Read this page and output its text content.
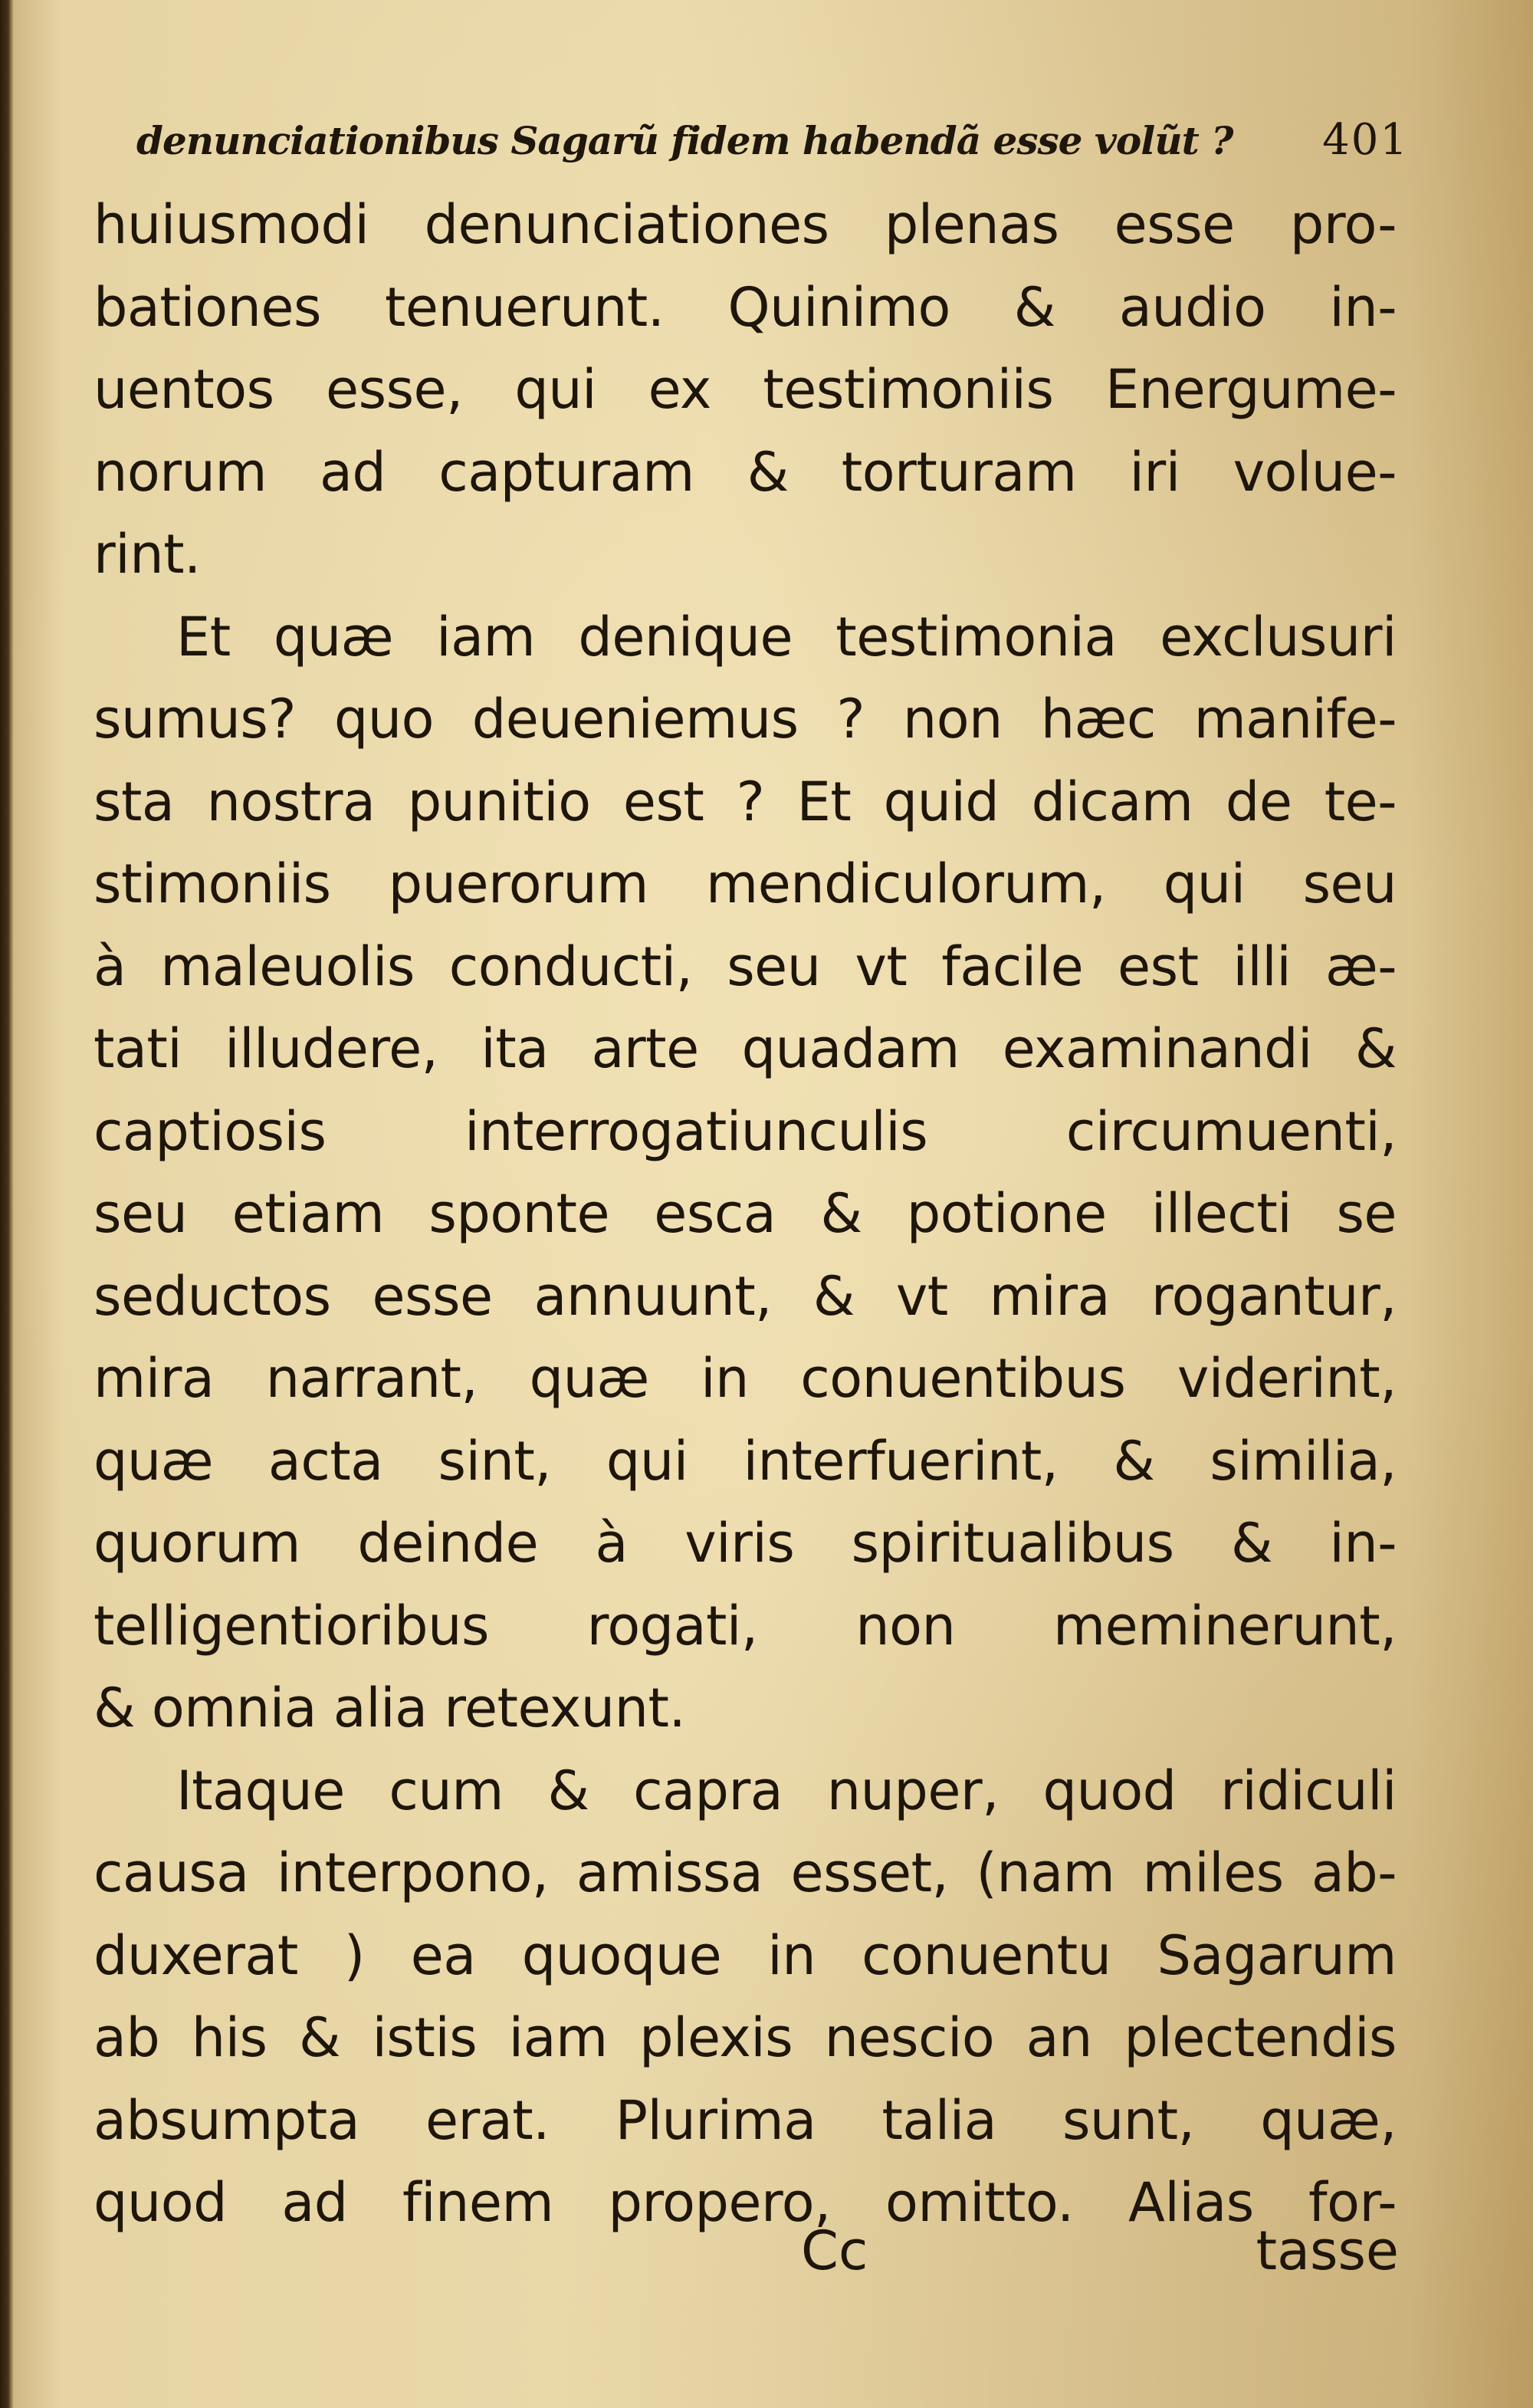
denunciationibus Sagarũ fidem habendã esse volũt ? 401
huiusmodi denunciationes plenas esse pro-
bationes tenuerunt. Quinimo & audio in-
uentos esse, qui ex testimoniis Energume-
norum ad capturam & torturam iri volue-
rint.
Et quæ iam denique testimonia exclusuri
sumus? quo deueniemus ? non hæc manife-
sta nostra punitio est ? Et quid dicam de te-
stimoniis puerorum mendiculorum, qui seu
à maleuolis conducti, seu vt facile est illi æ-
tati illudere, ita arte quadam examinandi &
captiosis interrogatiunculis circumuenti,
seu etiam sponte esca & potione illecti se
seductos esse annuunt, & vt mira rogantur,
mira narrant, quæ in conuentibus viderint,
quæ acta sint, qui interfuerint, & similia,
quorum deinde à viris spiritualibus & in-
telligentioribus rogati, non meminerunt,
& omnia alia retexunt.
Itaque cum & capra nuper, quod ridiculi
causa interpono, amissa esset, (nam miles ab-
duxerat ) ea quoque in conuentu Sagarum
ab his & istis iam plexis nescio an plectendis
absumpta erat. Plurima talia sunt, quæ,
quod ad finem propero, omitto. Alias for-
Cc	tasse
